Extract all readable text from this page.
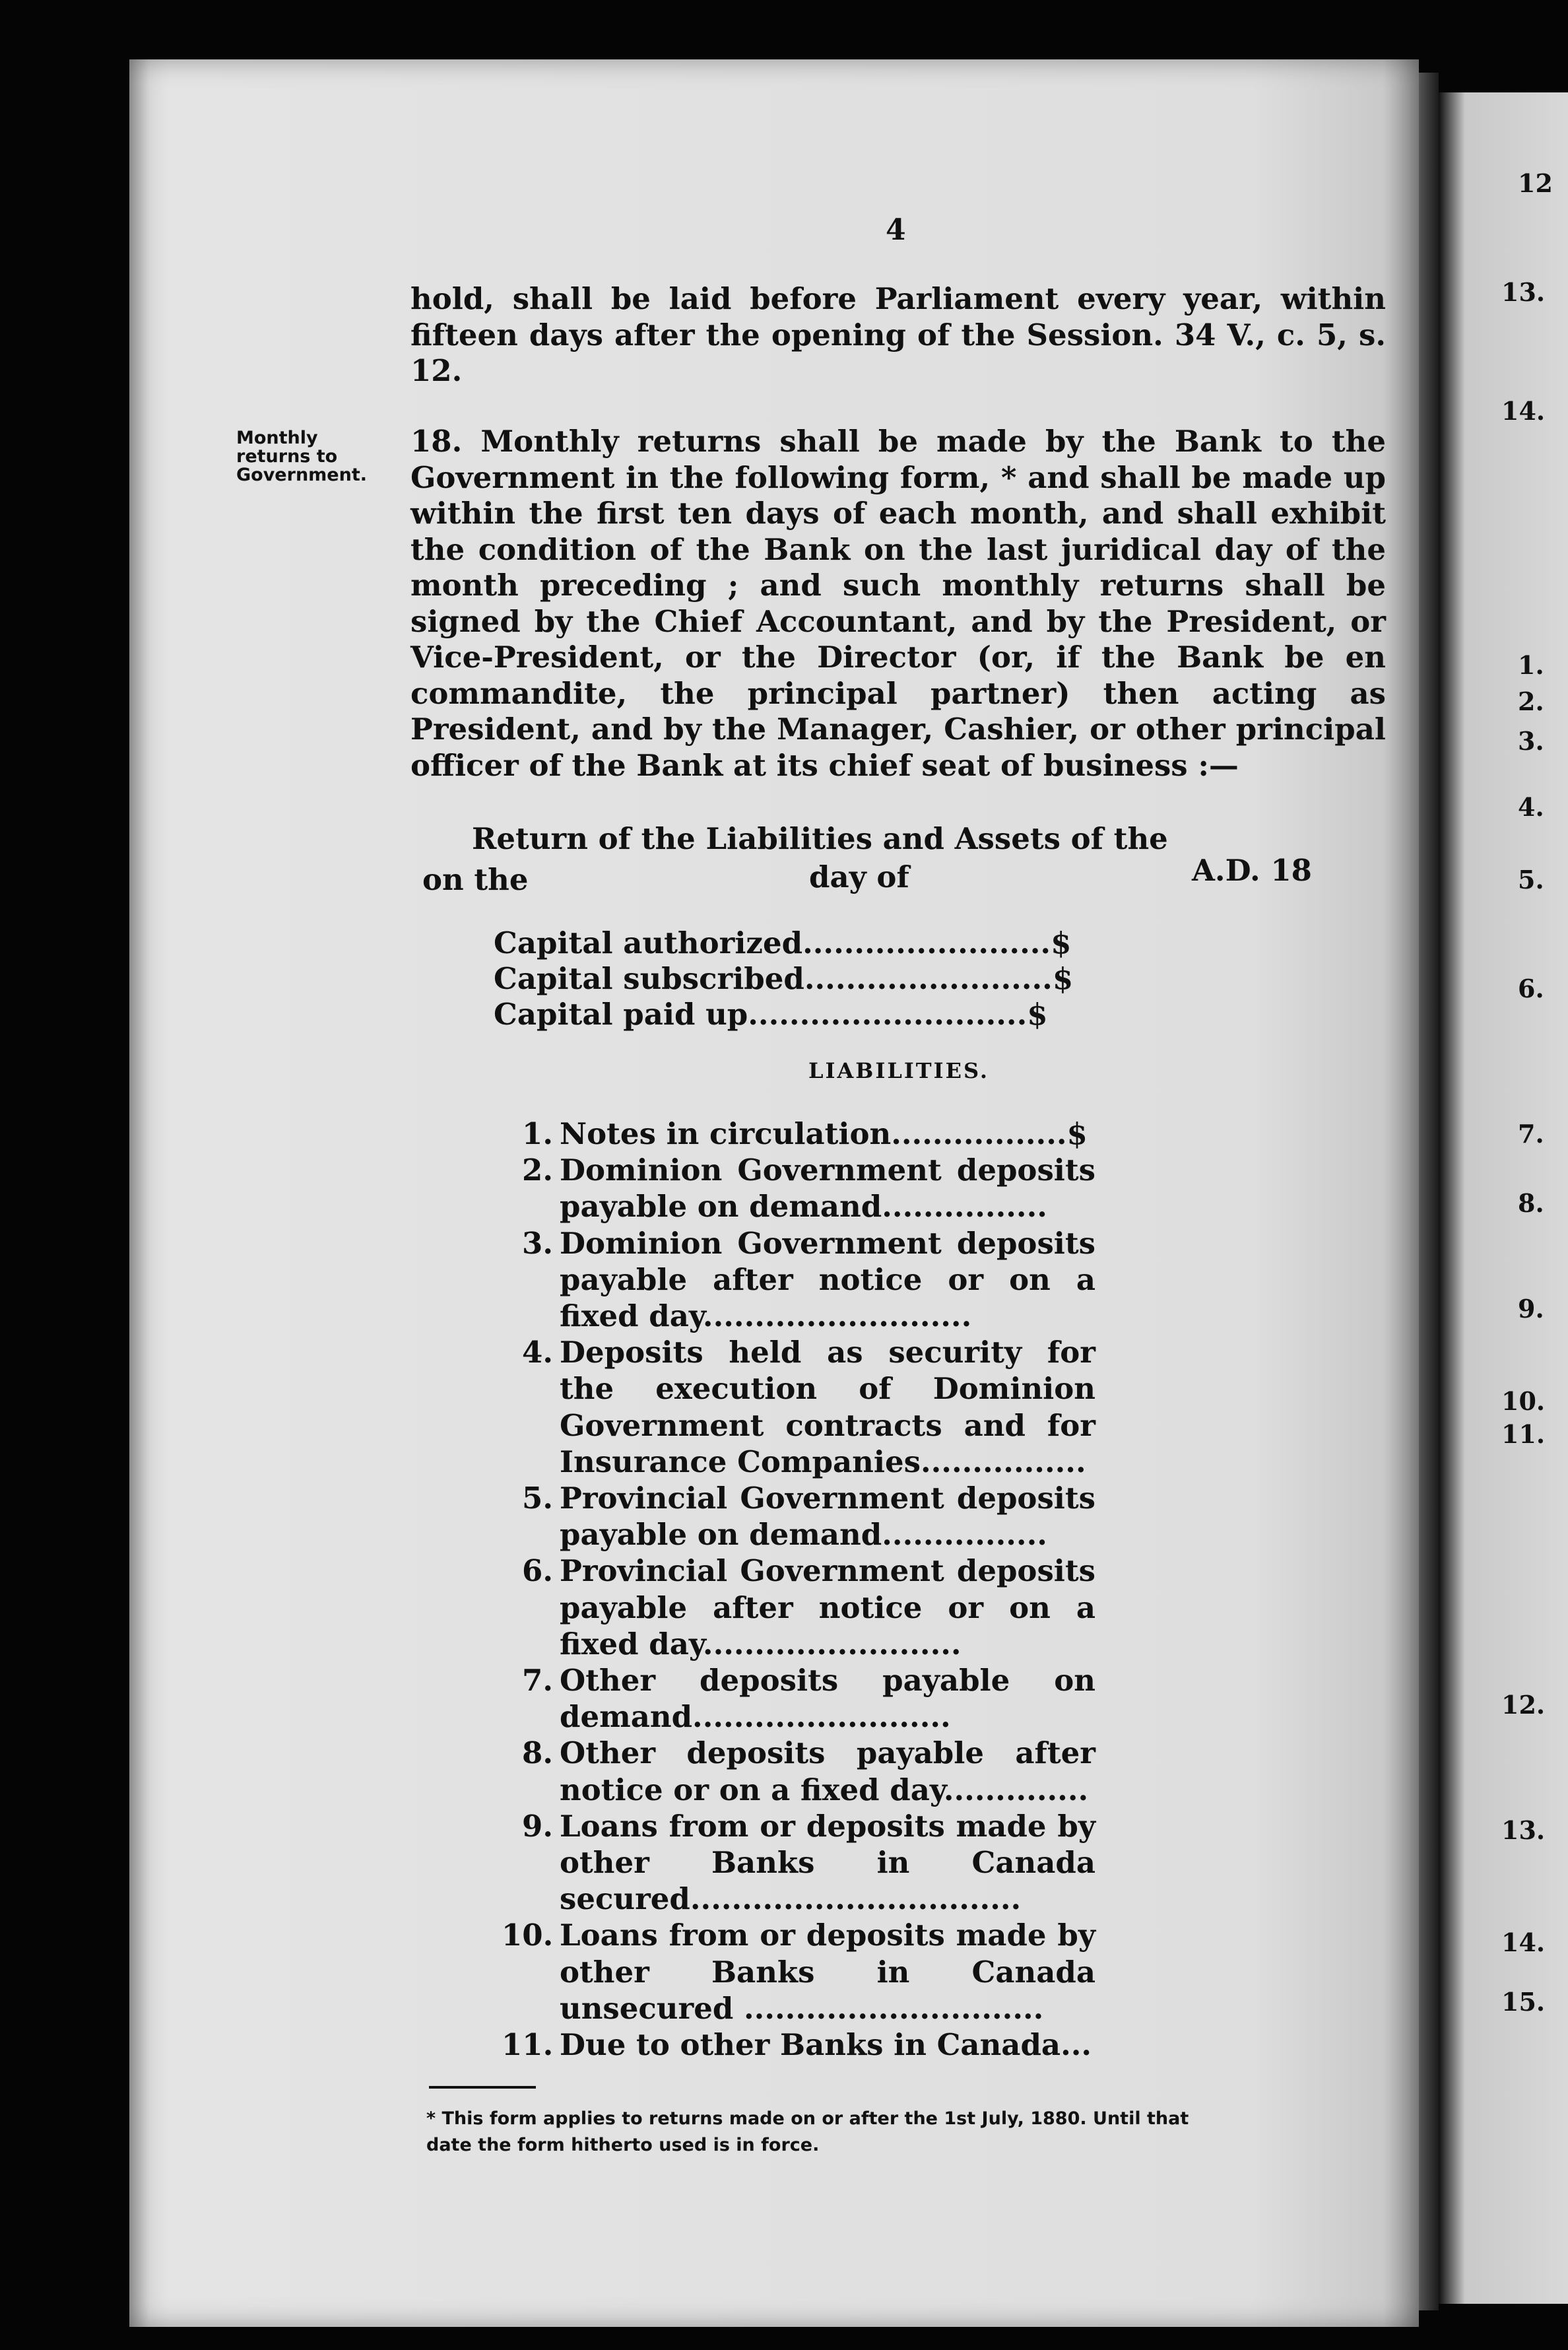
12
13.
14.
1.
2.
3.
4.
5.
6.
7.
8.
9.
10.
11.
12.
13.
14.
15.
4
hold, shall be laid before Parliament every year, within fifteen days after the opening of the Session. 34 V., c. 5, s. 12.
Monthly
returns to
Government.
18. Monthly returns shall be made by the Bank to the Government in the following form, * and shall be made up within the first ten days of each month, and shall exhibit the condition of the Bank on the last juridical day of the month preceding ; and such monthly returns shall be signed by the Chief Accountant, and by the President, or Vice-President, or the Director (or, if the Bank be en commandite, the principal partner) then acting as President, and by the Manager, Cashier, or other principal officer of the Bank at its chief seat of business :—
Return of the Liabilities and Assets of the
on the	day of	A.D. 18
Capital authorized........................$
Capital subscribed........................$
Capital paid up...........................$
LIABILITIES.
1. Notes in circulation.................$
2. Dominion Government deposits payable on demand................
3. Dominion Government deposits payable after notice or on a fixed day..........................
4. Deposits held as security for the execution of Dominion Government contracts and for Insurance Companies................
5. Provincial Government deposits payable on demand................
6. Provincial Government deposits payable after notice or on a fixed day.........................
7. Other deposits payable on demand.........................
8. Other deposits payable after notice or on a fixed day..............
9. Loans from or deposits made by other Banks in Canada secured................................
10. Loans from or deposits made by other Banks in Canada unsecured .............................
11. Due to other Banks in Canada...
* This form applies to returns made on or after the 1st July, 1880. Until that
date the form hitherto used is in force.
